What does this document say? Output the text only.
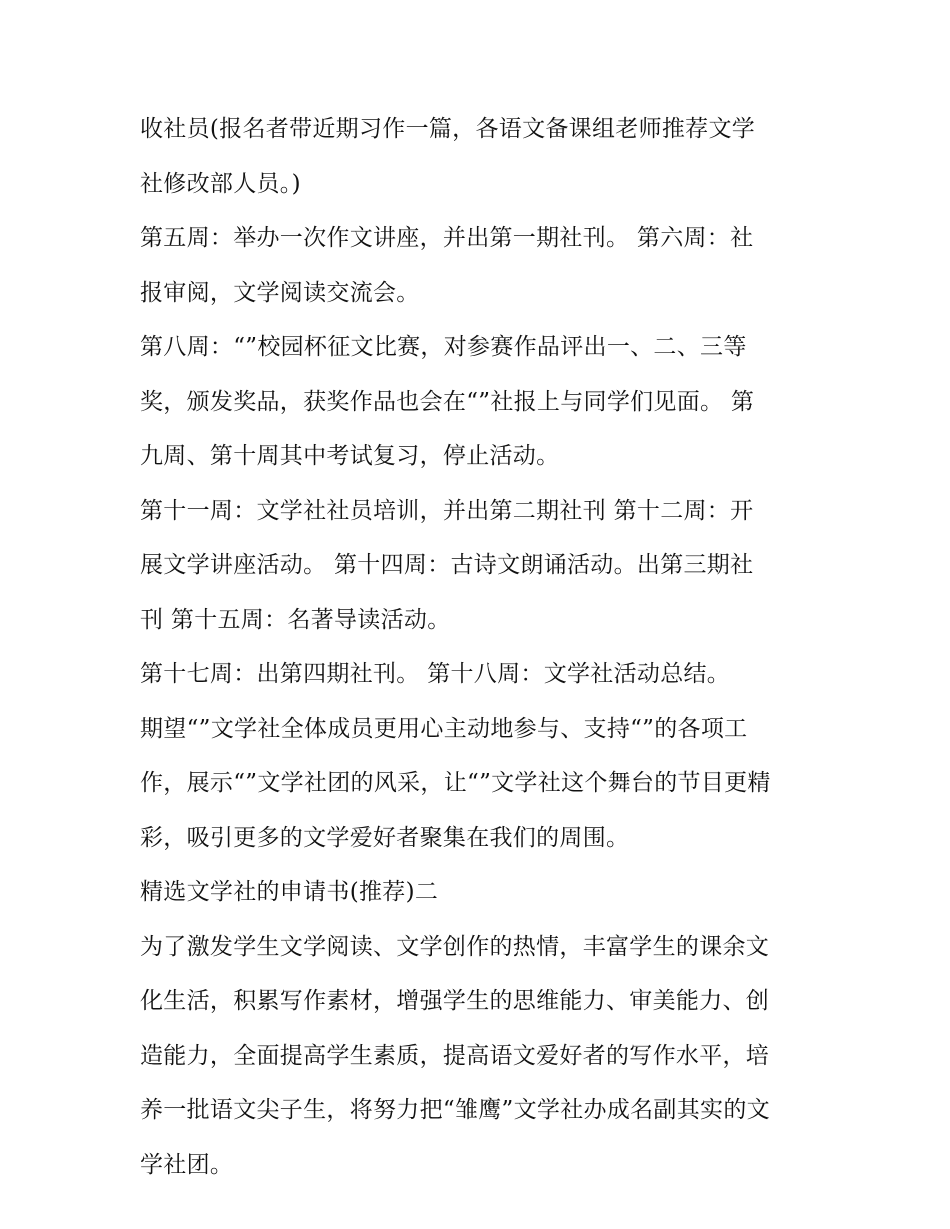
收社员(报名者带近期习作一篇，各语文备课组老师推荐文学
社修改部人员。)
第五周：举办一次作文讲座，并出第一期社刊。 第六周：社
报审阅，文学阅读交流会。
第八周：“”校园杯征文比赛，对参赛作品评出一、二、三等
奖，颁发奖品，获奖作品也会在“”社报上与同学们见面。 第
九周、第十周其中考试复习，停止活动。
第十一周：文学社社员培训，并出第二期社刊 第十二周：开
展文学讲座活动。 第十四周：古诗文朗诵活动。出第三期社
刊 第十五周：名著导读活动。
第十七周：出第四期社刊。 第十八周：文学社活动总结。
期望“”文学社全体成员更用心主动地参与、支持“”的各项工
作，展示“”文学社团的风采，让“”文学社这个舞台的节目更精
彩，吸引更多的文学爱好者聚集在我们的周围。
精选文学社的申请书(推荐)二
为了激发学生文学阅读、文学创作的热情，丰富学生的课余文
化生活，积累写作素材，增强学生的思维能力、审美能力、创
造能力，全面提高学生素质，提高语文爱好者的写作水平，培
养一批语文尖子生，将努力把“雏鹰”文学社办成名副其实的文
学社团。
